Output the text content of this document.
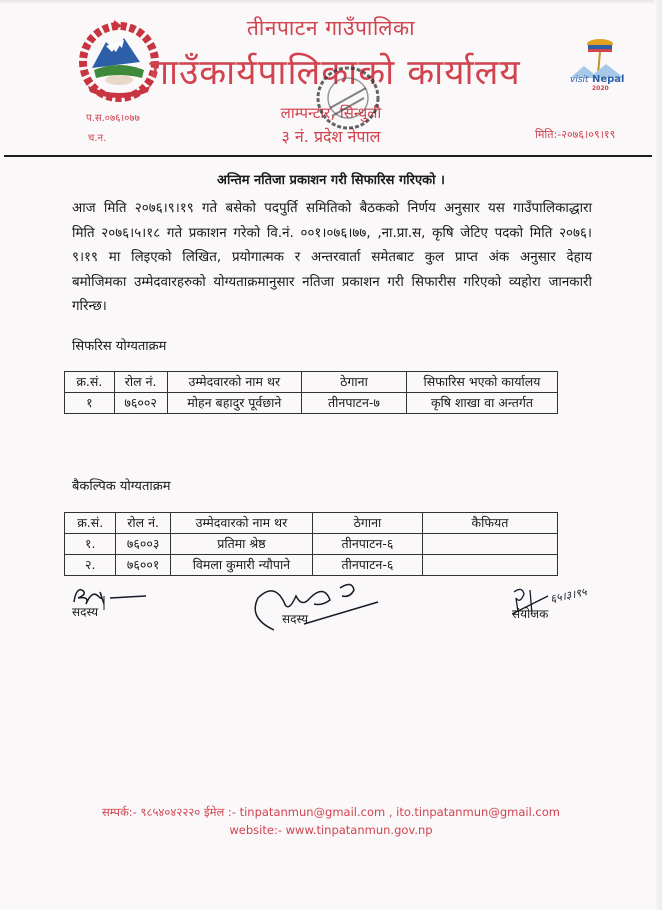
तीनपाटन गाउँपालिका
गाउँकार्यपालिकाको कार्यालय
लाम्पन्टार, सिन्धुली
३ नं. प्रदेश नेपाल
प.स.०७६।०७७
च.न.	मिति:-२०७६।०९।१९
visit Nepal
2020
अन्तिम नतिजा प्रकाशन गरी सिफारिस गरिएको ।
आज मिति २०७६।९।१९ गते बसेको पदपुर्ति समितिको बैठकको निर्णय अनुसार यस गाउँपालिकाद्धारा मिति २०७६।५।१८ गते प्रकाशन गरेको वि.नं. ००१।०७६।७७, ,ना.प्रा.स, कृषि जेटिए पदको मिति २०७६।९।१९ मा लिइएको लिखित, प्रयोगात्मक र अन्तरवार्ता समेतबाट कुल प्राप्त अंक अनुसार देहाय बमोजिमका उम्मेदवारहरुको योग्यताक्रमानुसार नतिजा प्रकाशन गरी सिफारीस गरिएको व्यहोरा जानकारी गरिन्छ।
सिफरिस योग्यताक्रम
क्र.सं.	रोल नं.	उम्मेदवारको नाम थर	ठेगाना	सिफारिस भएको कार्यालय
१	७६००२	मोहन बहादुर पूर्वछाने	तीनपाटन-७	कृषि शाखा वा अन्तर्गत
बैकल्पिक योग्यताक्रम
क्र.सं.	रोल नं.	उम्मेदवारको नाम थर	ठेगाना	कैफियत
१.	७६००३	प्रतिमा श्रेष्ठ	तीनपाटन-६	
२.	७६००१	विमला कुमारी न्यौपाने	तीनपाटन-६	
सदस्य	सदस्य	संयोजक
६५।३।९५
सम्पर्क:- ९८५४०४२२२० ईमेल :- tinpatanmun@gmail.com , ito.tinpatanmun@gmail.com
website:- www.tinpatanmun.gov.np
